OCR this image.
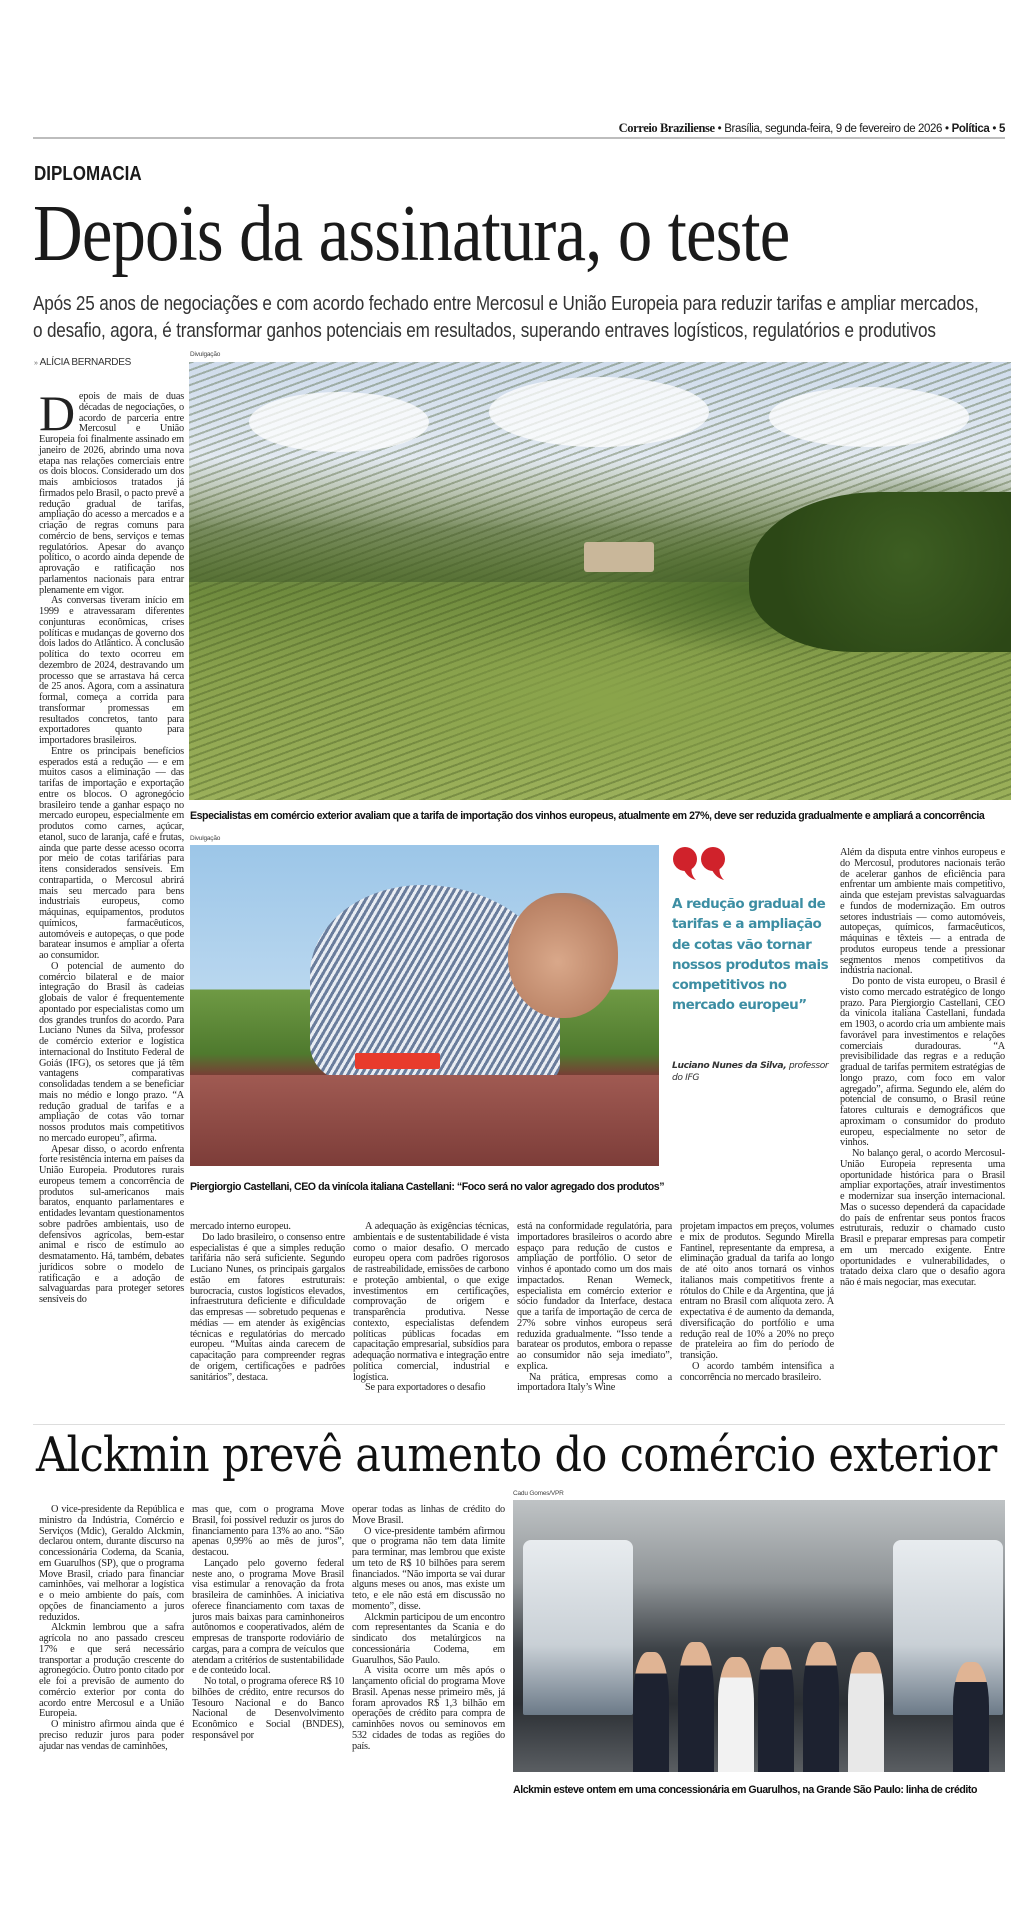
Correio Braziliense • Brasília, segunda-feira, 9 de fevereiro de 2026 • Política • 5
DIPLOMACIA
Depois da assinatura, o teste
Após 25 anos de negociações e com acordo fechado entre Mercosul e União Europeia para reduzir tarifas e ampliar mercados,
o desafio, agora, é transformar ganhos potenciais em resultados, superando entraves logísticos, regulatórios e produtivos
» ALÍCIA BERNARDES
Divulgação
Especialistas em comércio exterior avaliam que a tarifa de importação dos vinhos europeus, atualmente em 27%, deve ser reduzida gradualmente e ampliará a concorrência

Depois de mais de duas décadas de negociações, o acordo de parceria entre Mercosul e União Europeia foi finalmente assinado em janeiro de 2026, abrindo uma nova etapa nas relações comerciais entre os dois blocos. Considerado um dos mais ambiciosos tratados já firmados pelo Brasil, o pacto prevê a redução gradual de tarifas, ampliação do acesso a mercados e a criação de regras comuns para comércio de bens, serviços e temas regulatórios. Apesar do avanço político, o acordo ainda depende de aprovação e ratificação nos parlamentos nacionais para entrar plenamente em vigor.

As conversas tiveram início em 1999 e atravessaram diferentes conjunturas econômicas, crises políticas e mudanças de governo dos dois lados do Atlântico. A conclusão política do texto ocorreu em dezembro de 2024, destravando um processo que se arrastava há cerca de 25 anos. Agora, com a assinatura formal, começa a corrida para transformar promessas em resultados concretos, tanto para exportadores quanto para importadores brasileiros.

Entre os principais benefícios esperados está a redução — e em muitos casos a eliminação — das tarifas de importação e exportação entre os blocos. O agronegócio brasileiro tende a ganhar espaço no mercado europeu, especialmente em produtos como carnes, açúcar, etanol, suco de laranja, café e frutas, ainda que parte desse acesso ocorra por meio de cotas tarifárias para itens considerados sensíveis. Em contrapartida, o Mercosul abrirá mais seu mercado para bens industriais europeus, como máquinas, equipamentos, produtos químicos, farmacêuticos, automóveis e autopeças, o que pode baratear insumos e ampliar a oferta ao consumidor.

O potencial de aumento do comércio bilateral e de maior integração do Brasil às cadeias globais de valor é frequentemente apontado por especialistas como um dos grandes trunfos do acordo. Para Luciano Nunes da Silva, professor de comércio exterior e logística internacional do Instituto Federal de Goiás (IFG), os setores que já têm vantagens comparativas consolidadas tendem a se beneficiar mais no médio e longo prazo. “A redução gradual de tarifas e a ampliação de cotas vão tornar nossos produtos mais competitivos no mercado europeu”, afirma.

Apesar disso, o acordo enfrenta forte resistência interna em países da União Europeia. Produtores rurais europeus temem a concorrência de produtos sul-americanos mais baratos, enquanto parlamentares e entidades levantam questionamentos sobre padrões ambientais, uso de defensivos agrícolas, bem-estar animal e risco de estímulo ao desmatamento. Há, também, debates jurídicos sobre o modelo de ratificação e a adoção de salvaguardas para proteger setores sensíveis do

Divulgação
Piergiorgio Castellani, CEO da vinícola italiana Castellani: “Foco será no valor agregado dos produtos”
A redução gradual de tarifas e a ampliação de cotas vão tornar nossos produtos mais competitivos no mercado europeu”
Luciano Nunes da Silva, professor do IFG

Além da disputa entre vinhos europeus e do Mercosul, produtores nacionais terão de acelerar ganhos de eficiência para enfrentar um ambiente mais competitivo, ainda que estejam previstas salvaguardas e fundos de modernização. Em outros setores industriais — como automóveis, autopeças, químicos, farmacêuticos, máquinas e têxteis — a entrada de produtos europeus tende a pressionar segmentos menos competitivos da indústria nacional.

Do ponto de vista europeu, o Brasil é visto como mercado estratégico de longo prazo. Para Piergiorgio Castellani, CEO da vinícola italiana Castellani, fundada em 1903, o acordo cria um ambiente mais favorável para investimentos e relações comerciais duradouras. “A previsibilidade das regras e a redução gradual de tarifas permitem estratégias de longo prazo, com foco em valor agregado”, afirma. Segundo ele, além do potencial de consumo, o Brasil reúne fatores culturais e demográficos que aproximam o consumidor do produto europeu, especialmente no setor de vinhos.

No balanço geral, o acordo Mercosul-União Europeia representa uma oportunidade histórica para o Brasil ampliar exportações, atrair investimentos e modernizar sua inserção internacional. Mas o sucesso dependerá da capacidade do país de enfrentar seus pontos fracos estruturais, reduzir o chamado custo Brasil e preparar empresas para competir em um mercado exigente. Entre oportunidades e vulnerabilidades, o tratado deixa claro que o desafio agora não é mais negociar, mas executar.

mercado interno europeu.

Do lado brasileiro, o consenso entre especialistas é que a simples redução tarifária não será suficiente. Segundo Luciano Nunes, os principais gargalos estão em fatores estruturais: burocracia, custos logísticos elevados, infraestrutura deficiente e dificuldade das empresas — sobretudo pequenas e médias — em atender às exigências técnicas e regulatórias do mercado europeu. “Muitas ainda carecem de capacitação para compreender regras de origem, certificações e padrões sanitários”, destaca.

A adequação às exigências técnicas, ambientais e de sustentabilidade é vista como o maior desafio. O mercado europeu opera com padrões rigorosos de rastreabilidade, emissões de carbono e proteção ambiental, o que exige investimentos em certificações, comprovação de origem e transparência produtiva. Nesse contexto, especialistas defendem políticas públicas focadas em capacitação empresarial, subsídios para adequação normativa e integração entre política comercial, industrial e logística.

Se para exportadores o desafio

está na conformidade regulatória, para importadores brasileiros o acordo abre espaço para redução de custos e ampliação de portfólio. O setor de vinhos é apontado como um dos mais impactados. Renan Wemeck, especialista em comércio exterior e sócio fundador da Interface, destaca que a tarifa de importação de cerca de 27% sobre vinhos europeus será reduzida gradualmente. “Isso tende a baratear os produtos, embora o repasse ao consumidor não seja imediato”, explica.

Na prática, empresas como a importadora Italy’s Wine

projetam impactos em preços, volumes e mix de produtos. Segundo Mirella Fantinel, representante da empresa, a eliminação gradual da tarifa ao longo de até oito anos tornará os vinhos italianos mais competitivos frente a rótulos do Chile e da Argentina, que já entram no Brasil com alíquota zero. A expectativa é de aumento da demanda, diversificação do portfólio e uma redução real de 10% a 20% no preço de prateleira ao fim do período de transição.

O acordo também intensifica a concorrência no mercado brasileiro.

Alckmin prevê aumento do comércio exterior

O vice-presidente da República e ministro da Indústria, Comércio e Serviços (Mdic), Geraldo Alckmin, declarou ontem, durante discurso na concessionária Codema, da Scania, em Guarulhos (SP), que o programa Move Brasil, criado para financiar caminhões, vai melhorar a logística e o meio ambiente do país, com opções de financiamento a juros reduzidos.

Alckmin lembrou que a safra agrícola no ano passado cresceu 17% e que será necessário transportar a produção crescente do agronegócio. Outro ponto citado por ele foi a previsão de aumento do comércio exterior por conta do acordo entre Mercosul e a União Europeia.

O ministro afirmou ainda que é preciso reduzir juros para poder ajudar nas vendas de caminhões,

mas que, com o programa Move Brasil, foi possível reduzir os juros do financiamento para 13% ao ano. “São apenas 0,99% ao mês de juros”, destacou.

Lançado pelo governo federal neste ano, o programa Move Brasil visa estimular a renovação da frota brasileira de caminhões. A iniciativa oferece financiamento com taxas de juros mais baixas para caminhoneiros autônomos e cooperativados, além de empresas de transporte rodoviário de cargas, para a compra de veículos que atendam a critérios de sustentabilidade e de conteúdo local.

No total, o programa oferece R$ 10 bilhões de crédito, entre recursos do Tesouro Nacional e do Banco Nacional de Desenvolvimento Econômico e Social (BNDES), responsável por

operar todas as linhas de crédito do Move Brasil.

O vice-presidente também afirmou que o programa não tem data limite para terminar, mas lembrou que existe um teto de R$ 10 bilhões para serem financiados. “Não importa se vai durar alguns meses ou anos, mas existe um teto, e ele não está em discussão no momento”, disse.

Alckmin participou de um encontro com representantes da Scania e do sindicato dos metalúrgicos na concessionária Codema, em Guarulhos, São Paulo.

A visita ocorre um mês após o lançamento oficial do programa Move Brasil. Apenas nesse primeiro mês, já foram aprovados R$ 1,3 bilhão em operações de crédito para compra de caminhões novos ou seminovos em 532 cidades de todas as regiões do país.

Cadu Gomes/VPR
Alckmin esteve ontem em uma concessionária em Guarulhos, na Grande São Paulo: linha de crédito
